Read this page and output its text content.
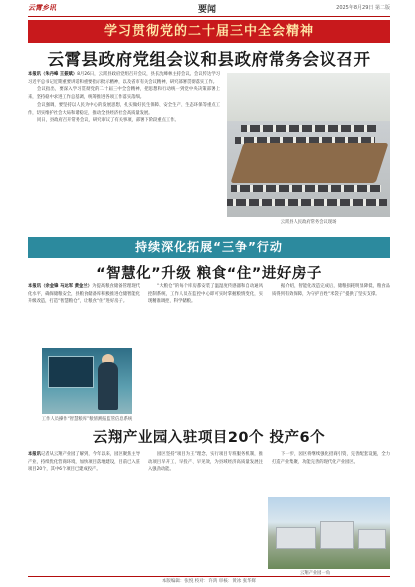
云霄乡讯	要闻	2025年8月29日 第二版
学习贯彻党的二十届三中全会精神
云霄县政府党组会议和县政府常务会议召开

本报讯（朱丹峰 王振斌）8月26日，云霄县政府党组召开会议，县长沈峰林主持会议。会议传达学习习近平总书记近期重要讲话和重要指示批示精神，以及省市有关会议精神，研究部署贯彻落实工作。

会议指出，要深入学习贯彻党的二十届三中全会精神，把思想和行动统一到党中央决策部署上来，坚持稳中求进工作总基调，统筹推进各项工作落实落细。

会议强调，要坚持以人民为中心的发展思想，扎实做好民生保障、安全生产、生态环保等重点工作，切实维护社会大局和谐稳定，推动全县经济社会高质量发展。

同日，县政府召开常务会议，研究审议了有关事项，部署下阶段重点工作。

云霄县人民政府常务会议现场
持续深化拓展“三争”行动
“智慧化”升级 粮食“住”进好房子

本报讯（余金锋 马达军 黄金兰）为提高粮食储备管理现代化水平，确保储粮安全，县粮食储备库积极推进仓储智能化升级改造，打造“智慧粮仓”，让粮食“住”进好房子。

“大粮仓”的每个库房都安装了温湿度传感器和自动通风控制系统，工作人员在监控中心即可实时掌握粮情变化，实现精准调控、科学储粮。

据介绍，智能化改造完成后，储粮损耗明显降低，粮食品质得到有效保障，为守护百姓“米袋子”提供了坚实支撑。

工作人员操作“智慧粮库”粮情测报监管信息系统
云翔产业园入驻项目20个 投产6个

本报讯记者从云翔产业园了解到，今年以来，园区聚焦主导产业，持续优化营商环境，加快项目落地建设，目前已入驻项目20个，其中6个项目已建成投产。

园区坚持“项目为王”理念，实行项目专班服务机制，推动项目早开工、早投产、早见效，为县域经济高质量发展注入强劲动能。

下一步，园区将继续强化招商引资，完善配套设施，全力打造产业集聚、功能完善的现代化产业园区。

云翔产业园一角
本版编辑：张悦 校对：许鸿 审核：黄冰 张华辉
